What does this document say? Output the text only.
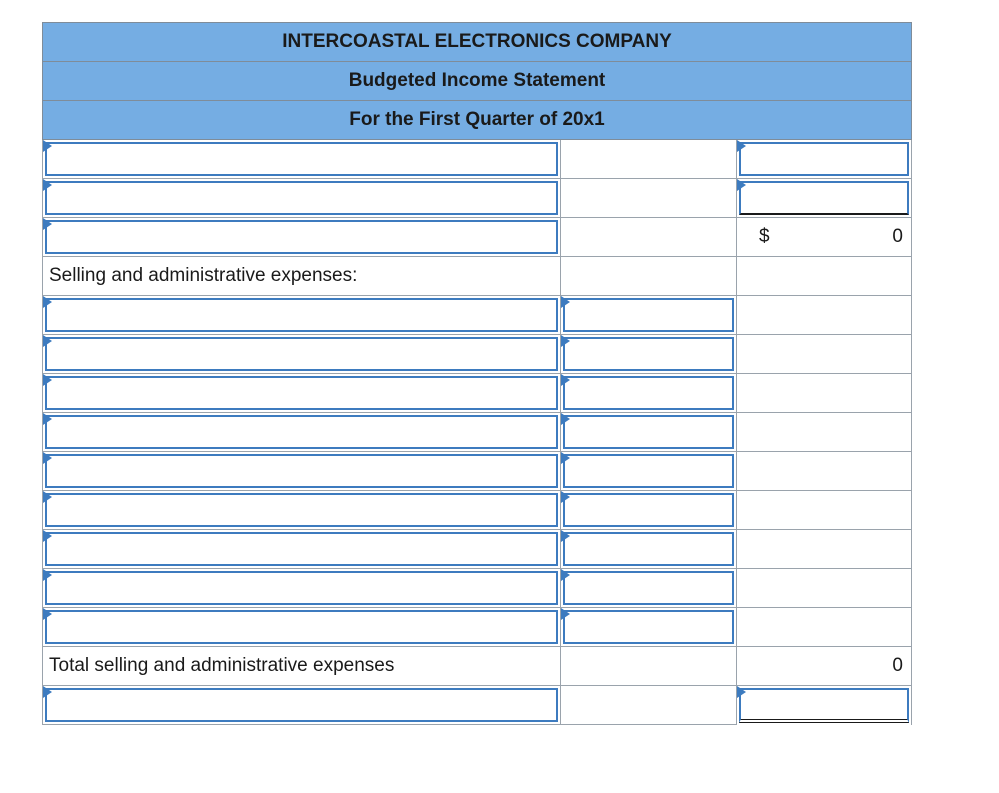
INTERCOASTAL ELECTRONICS COMPANY
Budgeted Income Statement
For the First Quarter of 20x1
$	0
Selling and administrative expenses:
Total selling and administrative expenses	0
